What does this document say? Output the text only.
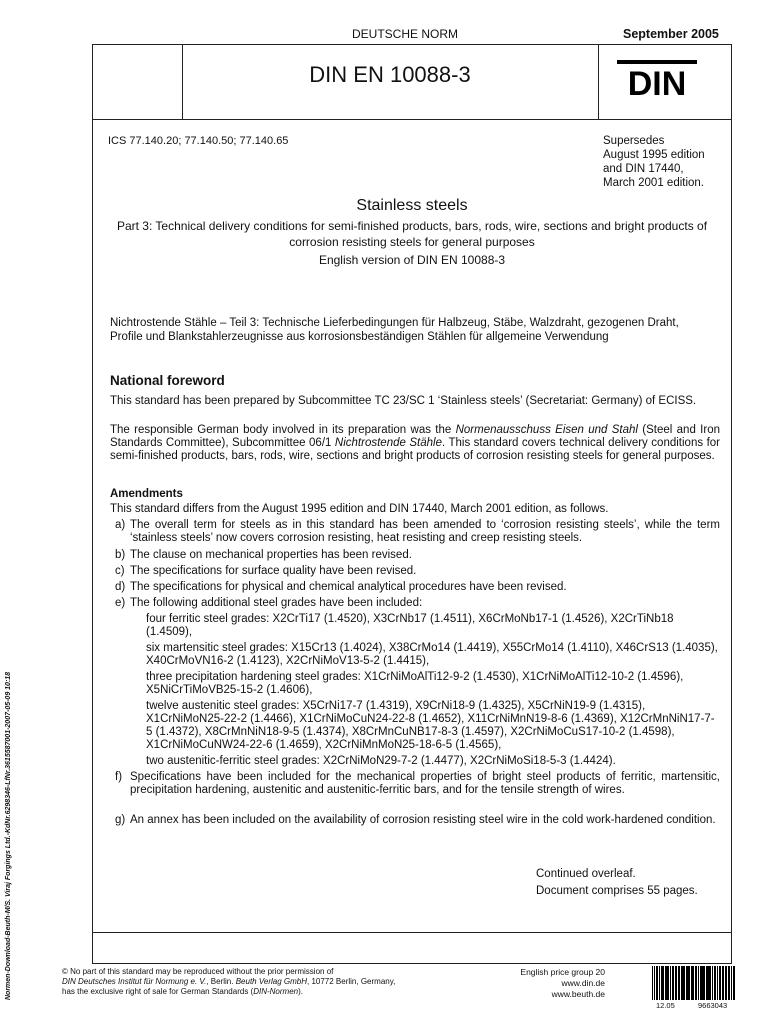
DEUTSCHE NORM	September 2005
DIN EN 10088-3	DIN
ICS 77.140.20; 77.140.50; 77.140.65	Supersedes
August 1995 edition
and DIN 17440,
March 2001 edition.
Stainless steels
Part 3: Technical delivery conditions for semi-finished products, bars, rods, wire, sections and bright products of corrosion resisting steels for general purposes
English version of DIN EN 10088-3
Nichtrostende Stähle – Teil 3: Technische Lieferbedingungen für Halbzeug, Stäbe, Walzdraht, gezogenen Draht, Profile und Blankstahlerzeugnisse aus korrosionsbeständigen Stählen für allgemeine Verwendung
National foreword
This standard has been prepared by Subcommittee TC 23/SC 1 ‘Stainless steels’ (Secretariat: Germany) of ECISS.
The responsible German body involved in its preparation was the Normenausschuss Eisen und Stahl (Steel and Iron Standards Committee), Subcommittee 06/1 Nichtrostende Stähle. This standard covers technical delivery conditions for semi-finished products, bars, rods, wire, sections and bright products of corrosion resisting steels for general purposes.
Amendments
This standard differs from the August 1995 edition and DIN 17440, March 2001 edition, as follows.
a) The overall term for steels as in this standard has been amended to ‘corrosion resisting steels’, while the term ‘stainless steels’ now covers corrosion resisting, heat resisting and creep resisting steels.
b) The clause on mechanical properties has been revised.
c) The specifications for surface quality have been revised.
d) The specifications for physical and chemical analytical procedures have been revised.
e) The following additional steel grades have been included:
four ferritic steel grades: X2CrTi17 (1.4520), X3CrNb17 (1.4511), X6CrMoNb17-1 (1.4526), X2CrTiNb18 (1.4509),
six martensitic steel grades: X15Cr13 (1.4024), X38CrMo14 (1.4419), X55CrMo14 (1.4110), X46CrS13 (1.4035), X40CrMoVN16-2 (1.4123), X2CrNiMoV13-5-2 (1.4415),
three precipitation hardening steel grades: X1CrNiMoAlTi12-9-2 (1.4530), X1CrNiMoAlTi12-10-2 (1.4596), X5NiCrTiMoVB25-15-2 (1.4606),
twelve austenitic steel grades: X5CrNi17-7 (1.4319), X9CrNi18-9 (1.4325), X5CrNiN19-9 (1.4315), X1CrNiMoN25-22-2 (1.4466), X1CrNiMoCuN24-22-8 (1.4652), X11CrNiMnN19-8-6 (1.4369), X12CrMnNiN17-7-5 (1.4372), X8CrMnNiN18-9-5 (1.4374), X8CrMnCuNB17-8-3 (1.4597), X2CrNiMoCuS17-10-2 (1.4598), X1CrNiMoCuNW24-22-6 (1.4659), X2CrNiMnMoN25-18-6-5 (1.4565),
two austenitic-ferritic steel grades: X2CrNiMoN29-7-2 (1.4477), X2CrNiMoSi18-5-3 (1.4424).
f) Specifications have been included for the mechanical properties of bright steel products of ferritic, martensitic, precipitation hardening, austenitic and austenitic-ferritic bars, and for the tensile strength of wires.
g) An annex has been included on the availability of corrosion resisting steel wire in the cold work-hardened condition.
Continued overleaf.
Document comprises 55 pages.
Normen-Download-Beuth-M/S. Viraj Forgings Ltd.-KdNr.6298346-LfNr.3615587001-2007-05-09 10:18	© No part of this standard may be reproduced without the prior permission of
DIN Deutsches Institut für Normung e. V., Berlin. Beuth Verlag GmbH, 10772 Berlin, Germany,
has the exclusive right of sale for German Standards (DIN-Normen).
English price group 20
www.din.de
www.beuth.de
12.05	9663043
